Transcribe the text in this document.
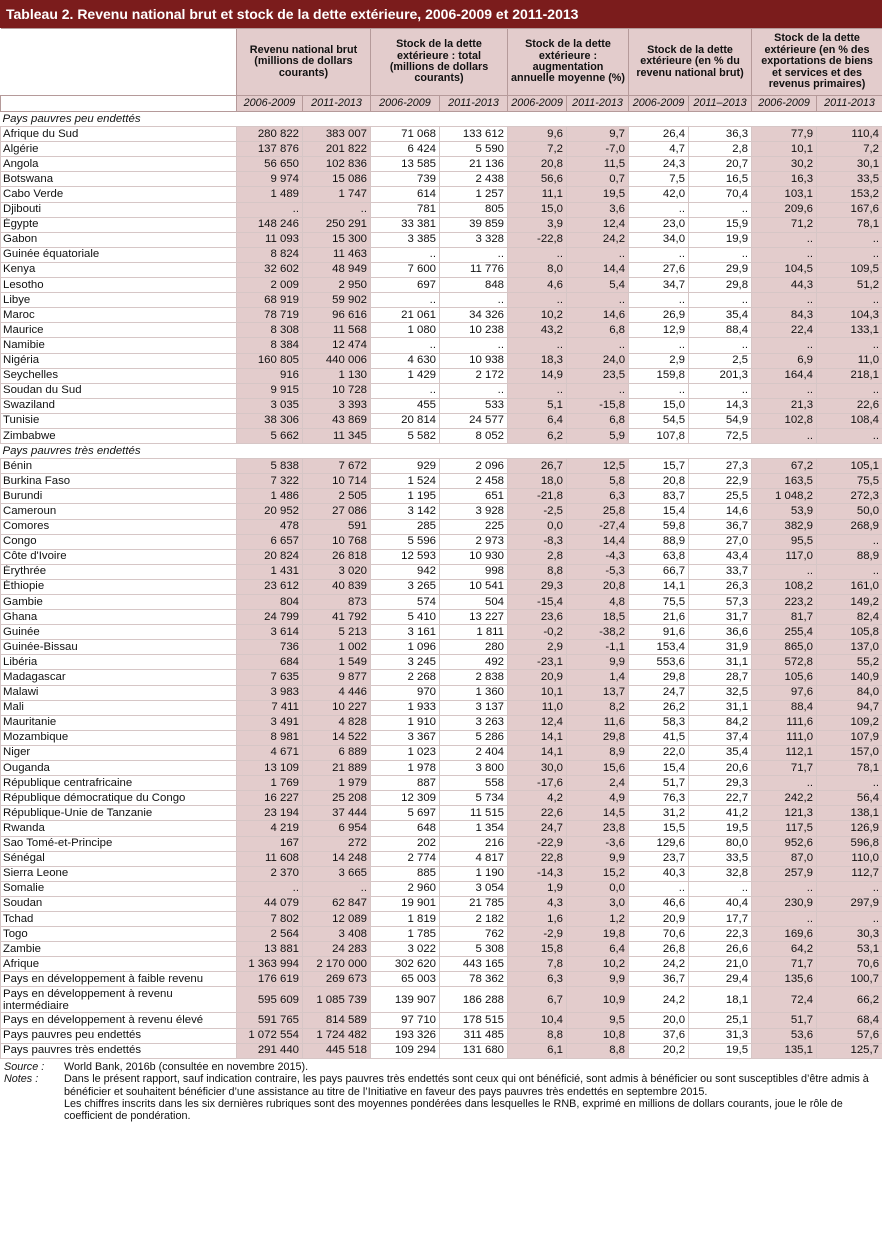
Tableau 2. Revenu national brut et stock de la dette extérieure, 2006-2009 et 2011-2013
	Revenu national brut (millions de dollars courants)		Stock de la dette extérieure : total (millions de dollars courants)		Stock de la dette extérieure : augmentation annuelle moyenne (%)		Stock de la dette extérieure (en % du revenu national brut)		Stock de la dette extérieure (en % des exportations de biens et services et des revenus primaires)	
	2006-2009	2011-2013	2006-2009	2011-2013	2006-2009	2011-2013	2006-2009	2011–2013	2006-2009	2011-2013
Pays pauvres peu endettés										
Afrique du Sud	280 822	383 007	71 068	133 612	9,6	9,7	26,4	36,3	77,9	110,4
Algérie	137 876	201 822	6 424	5 590	7,2	-7,0	4,7	2,8	10,1	7,2
Angola	56 650	102 836	13 585	21 136	20,8	11,5	24,3	20,7	30,2	30,1
Botswana	9 974	15 086	739	2 438	56,6	0,7	7,5	16,5	16,3	33,5
Cabo Verde	1 489	1 747	614	1 257	11,1	19,5	42,0	70,4	103,1	153,2
Djibouti	..	..	781	805	15,0	3,6	..	..	209,6	167,6
Égypte	148 246	250 291	33 381	39 859	3,9	12,4	23,0	15,9	71,2	78,1
Gabon	11 093	15 300	3 385	3 328	-22,8	24,2	34,0	19,9	..	..
Guinée équatoriale	8 824	11 463	..	..	..	..	..	..	..	..
Kenya	32 602	48 949	7 600	11 776	8,0	14,4	27,6	29,9	104,5	109,5
Lesotho	2 009	2 950	697	848	4,6	5,4	34,7	29,8	44,3	51,2
Libye	68 919	59 902	..	..	..	..	..	..	..	..
Maroc	78 719	96 616	21 061	34 326	10,2	14,6	26,9	35,4	84,3	104,3
Maurice	8 308	11 568	1 080	10 238	43,2	6,8	12,9	88,4	22,4	133,1
Namibie	8 384	12 474	..	..	..	..	..	..	..	..
Nigéria	160 805	440 006	4 630	10 938	18,3	24,0	2,9	2,5	6,9	11,0
Seychelles	916	1 130	1 429	2 172	14,9	23,5	159,8	201,3	164,4	218,1
Soudan du Sud	9 915	10 728	..	..	..	..	..	..	..	..
Swaziland	3 035	3 393	455	533	5,1	-15,8	15,0	14,3	21,3	22,6
Tunisie	38 306	43 869	20 814	24 577	6,4	6,8	54,5	54,9	102,8	108,4
Zimbabwe	5 662	11 345	5 582	8 052	6,2	5,9	107,8	72,5	..	..
Pays pauvres très endettés										
Bénin	5 838	7 672	929	2 096	26,7	12,5	15,7	27,3	67,2	105,1
Burkina Faso	7 322	10 714	1 524	2 458	18,0	5,8	20,8	22,9	163,5	75,5
Burundi	1 486	2 505	1 195	651	-21,8	6,3	83,7	25,5	1 048,2	272,3
Cameroun	20 952	27 086	3 142	3 928	-2,5	25,8	15,4	14,6	53,9	50,0
Comores	478	591	285	225	0,0	-27,4	59,8	36,7	382,9	268,9
Congo	6 657	10 768	5 596	2 973	-8,3	14,4	88,9	27,0	95,5	..
Côte d'Ivoire	20 824	26 818	12 593	10 930	2,8	-4,3	63,8	43,4	117,0	88,9
Érythrée	1 431	3 020	942	998	8,8	-5,3	66,7	33,7	..	..
Éthiopie	23 612	40 839	3 265	10 541	29,3	20,8	14,1	26,3	108,2	161,0
Gambie	804	873	574	504	-15,4	4,8	75,5	57,3	223,2	149,2
Ghana	24 799	41 792	5 410	13 227	23,6	18,5	21,6	31,7	81,7	82,4
Guinée	3 614	5 213	3 161	1 811	-0,2	-38,2	91,6	36,6	255,4	105,8
Guinée-Bissau	736	1 002	1 096	280	2,9	-1,1	153,4	31,9	865,0	137,0
Libéria	684	1 549	3 245	492	-23,1	9,9	553,6	31,1	572,8	55,2
Madagascar	7 635	9 877	2 268	2 838	20,9	1,4	29,8	28,7	105,6	140,9
Malawi	3 983	4 446	970	1 360	10,1	13,7	24,7	32,5	97,6	84,0
Mali	7 411	10 227	1 933	3 137	11,0	8,2	26,2	31,1	88,4	94,7
Mauritanie	3 491	4 828	1 910	3 263	12,4	11,6	58,3	84,2	111,6	109,2
Mozambique	8 981	14 522	3 367	5 286	14,1	29,8	41,5	37,4	111,0	107,9
Niger	4 671	6 889	1 023	2 404	14,1	8,9	22,0	35,4	112,1	157,0
Ouganda	13 109	21 889	1 978	3 800	30,0	15,6	15,4	20,6	71,7	78,1
République centrafricaine	1 769	1 979	887	558	-17,6	2,4	51,7	29,3	..	..
République démocratique du Congo	16 227	25 208	12 309	5 734	4,2	4,9	76,3	22,7	242,2	56,4
République-Unie de Tanzanie	23 194	37 444	5 697	11 515	22,6	14,5	31,2	41,2	121,3	138,1
Rwanda	4 219	6 954	648	1 354	24,7	23,8	15,5	19,5	117,5	126,9
Sao Tomé-et-Principe	167	272	202	216	-22,9	-3,6	129,6	80,0	952,6	596,8
Sénégal	11 608	14 248	2 774	4 817	22,8	9,9	23,7	33,5	87,0	110,0
Sierra Leone	2 370	3 665	885	1 190	-14,3	15,2	40,3	32,8	257,9	112,7
Somalie	..	..	2 960	3 054	1,9	0,0	..	..	..	..
Soudan	44 079	62 847	19 901	21 785	4,3	3,0	46,6	40,4	230,9	297,9
Tchad	7 802	12 089	1 819	2 182	1,6	1,2	20,9	17,7	..	..
Togo	2 564	3 408	1 785	762	-2,9	19,8	70,6	22,3	169,6	30,3
Zambie	13 881	24 283	3 022	5 308	15,8	6,4	26,8	26,6	64,2	53,1
Afrique	1 363 994	2 170 000	302 620	443 165	7,8	10,2	24,2	21,0	71,7	70,6
Pays en développement à faible revenu	176 619	269 673	65 003	78 362	6,3	9,9	36,7	29,4	135,6	100,7
Pays en développement à revenu intermédiaire	595 609	1 085 739	139 907	186 288	6,7	10,9	24,2	18,1	72,4	66,2
Pays en développement à revenu élevé	591 765	814 589	97 710	178 515	10,4	9,5	20,0	25,1	51,7	68,4
Pays pauvres peu endettés	1 072 554	1 724 482	193 326	311 485	8,8	10,8	37,6	31,3	53,6	57,6
Pays pauvres très endettés	291 440	445 518	109 294	131 680	6,1	8,8	20,2	19,5	135,1	125,7
Source :	World Bank, 2016b (consultée en novembre 2015).
Notes :	Dans le présent rapport, sauf indication contraire, les pays pauvres très endettés sont ceux qui ont bénéficié, sont admis à bénéficier ou sont susceptibles d’être admis à bénéficier et souhaitent bénéficier d’une assistance au titre de l’Initiative en faveur des pays pauvres très endettés en septembre 2015.
Les chiffres inscrits dans les six dernières rubriques sont des moyennes pondérées dans lesquelles le RNB, exprimé en millions de dollars courants, joue le rôle de coefficient de pondération.
